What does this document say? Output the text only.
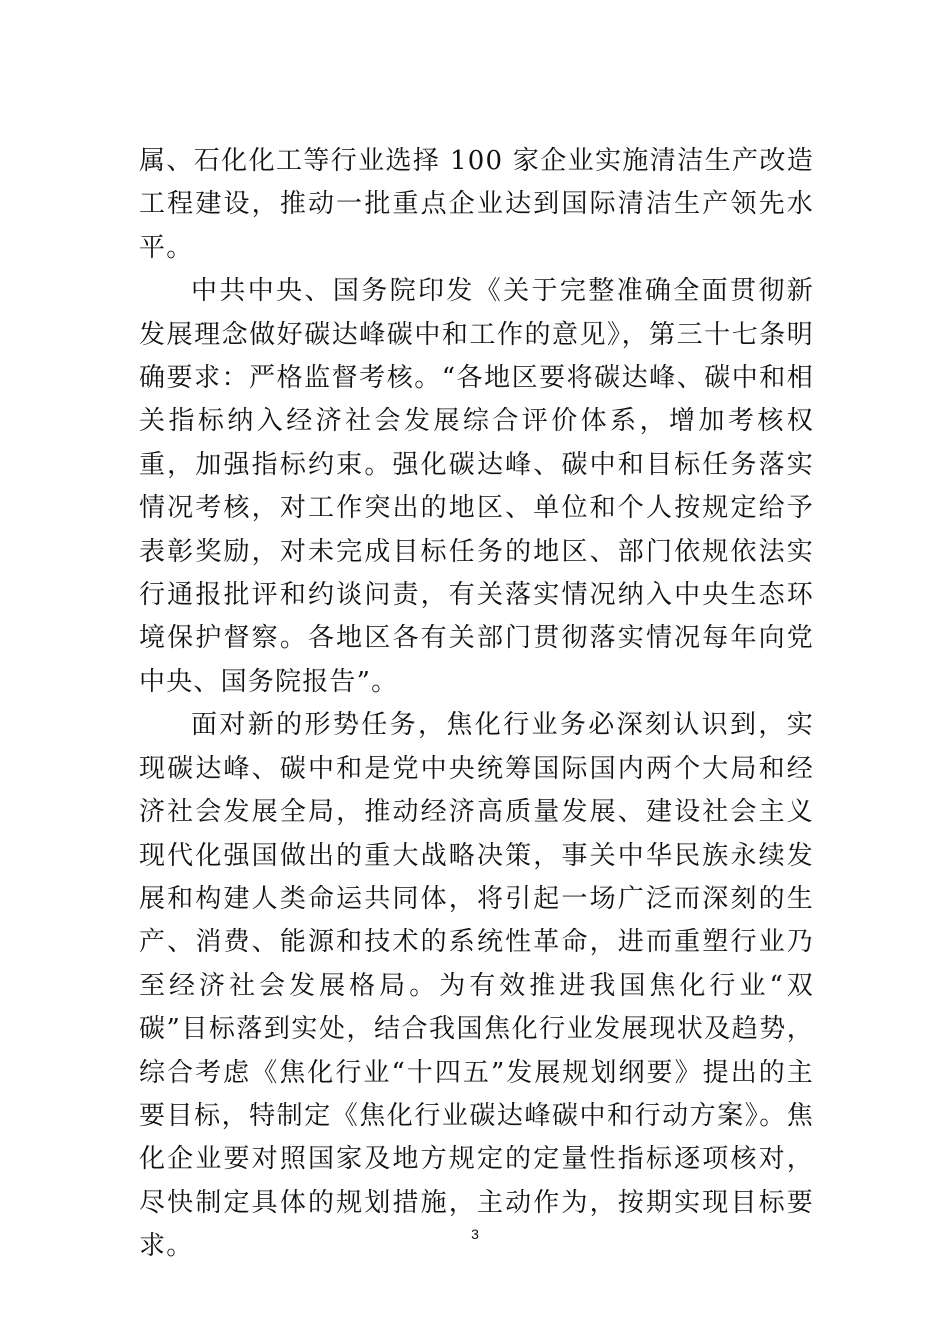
属、石化化工等行业选择 100 家企业实施清洁生产改造工程建设，推动一批重点企业达到国际清洁生产领先水平。

中共中央、国务院印发《关于完整准确全面贯彻新发展理念做好碳达峰碳中和工作的意见》，第三十七条明确要求：严格监督考核。“各地区要将碳达峰、碳中和相关指标纳入经济社会发展综合评价体系，增加考核权重，加强指标约束。强化碳达峰、碳中和目标任务落实情况考核，对工作突出的地区、单位和个人按规定给予表彰奖励，对未完成目标任务的地区、部门依规依法实行通报批评和约谈问责，有关落实情况纳入中央生态环境保护督察。各地区各有关部门贯彻落实情况每年向党中央、国务院报告”。

面对新的形势任务，焦化行业务必深刻认识到，实现碳达峰、碳中和是党中央统筹国际国内两个大局和经济社会发展全局，推动经济高质量发展、建设社会主义现代化强国做出的重大战略决策，事关中华民族永续发展和构建人类命运共同体，将引起一场广泛而深刻的生产、消费、能源和技术的系统性革命，进而重塑行业乃至经济社会发展格局。为有效推进我国焦化行业“双碳”目标落到实处，结合我国焦化行业发展现状及趋势，综合考虑《焦化行业“十四五”发展规划纲要》提出的主要目标，特制定《焦化行业碳达峰碳中和行动方案》。焦化企业要对照国家及地方规定的定量性指标逐项核对，尽快制定具体的规划措施，主动作为，按期实现目标要求。	3
